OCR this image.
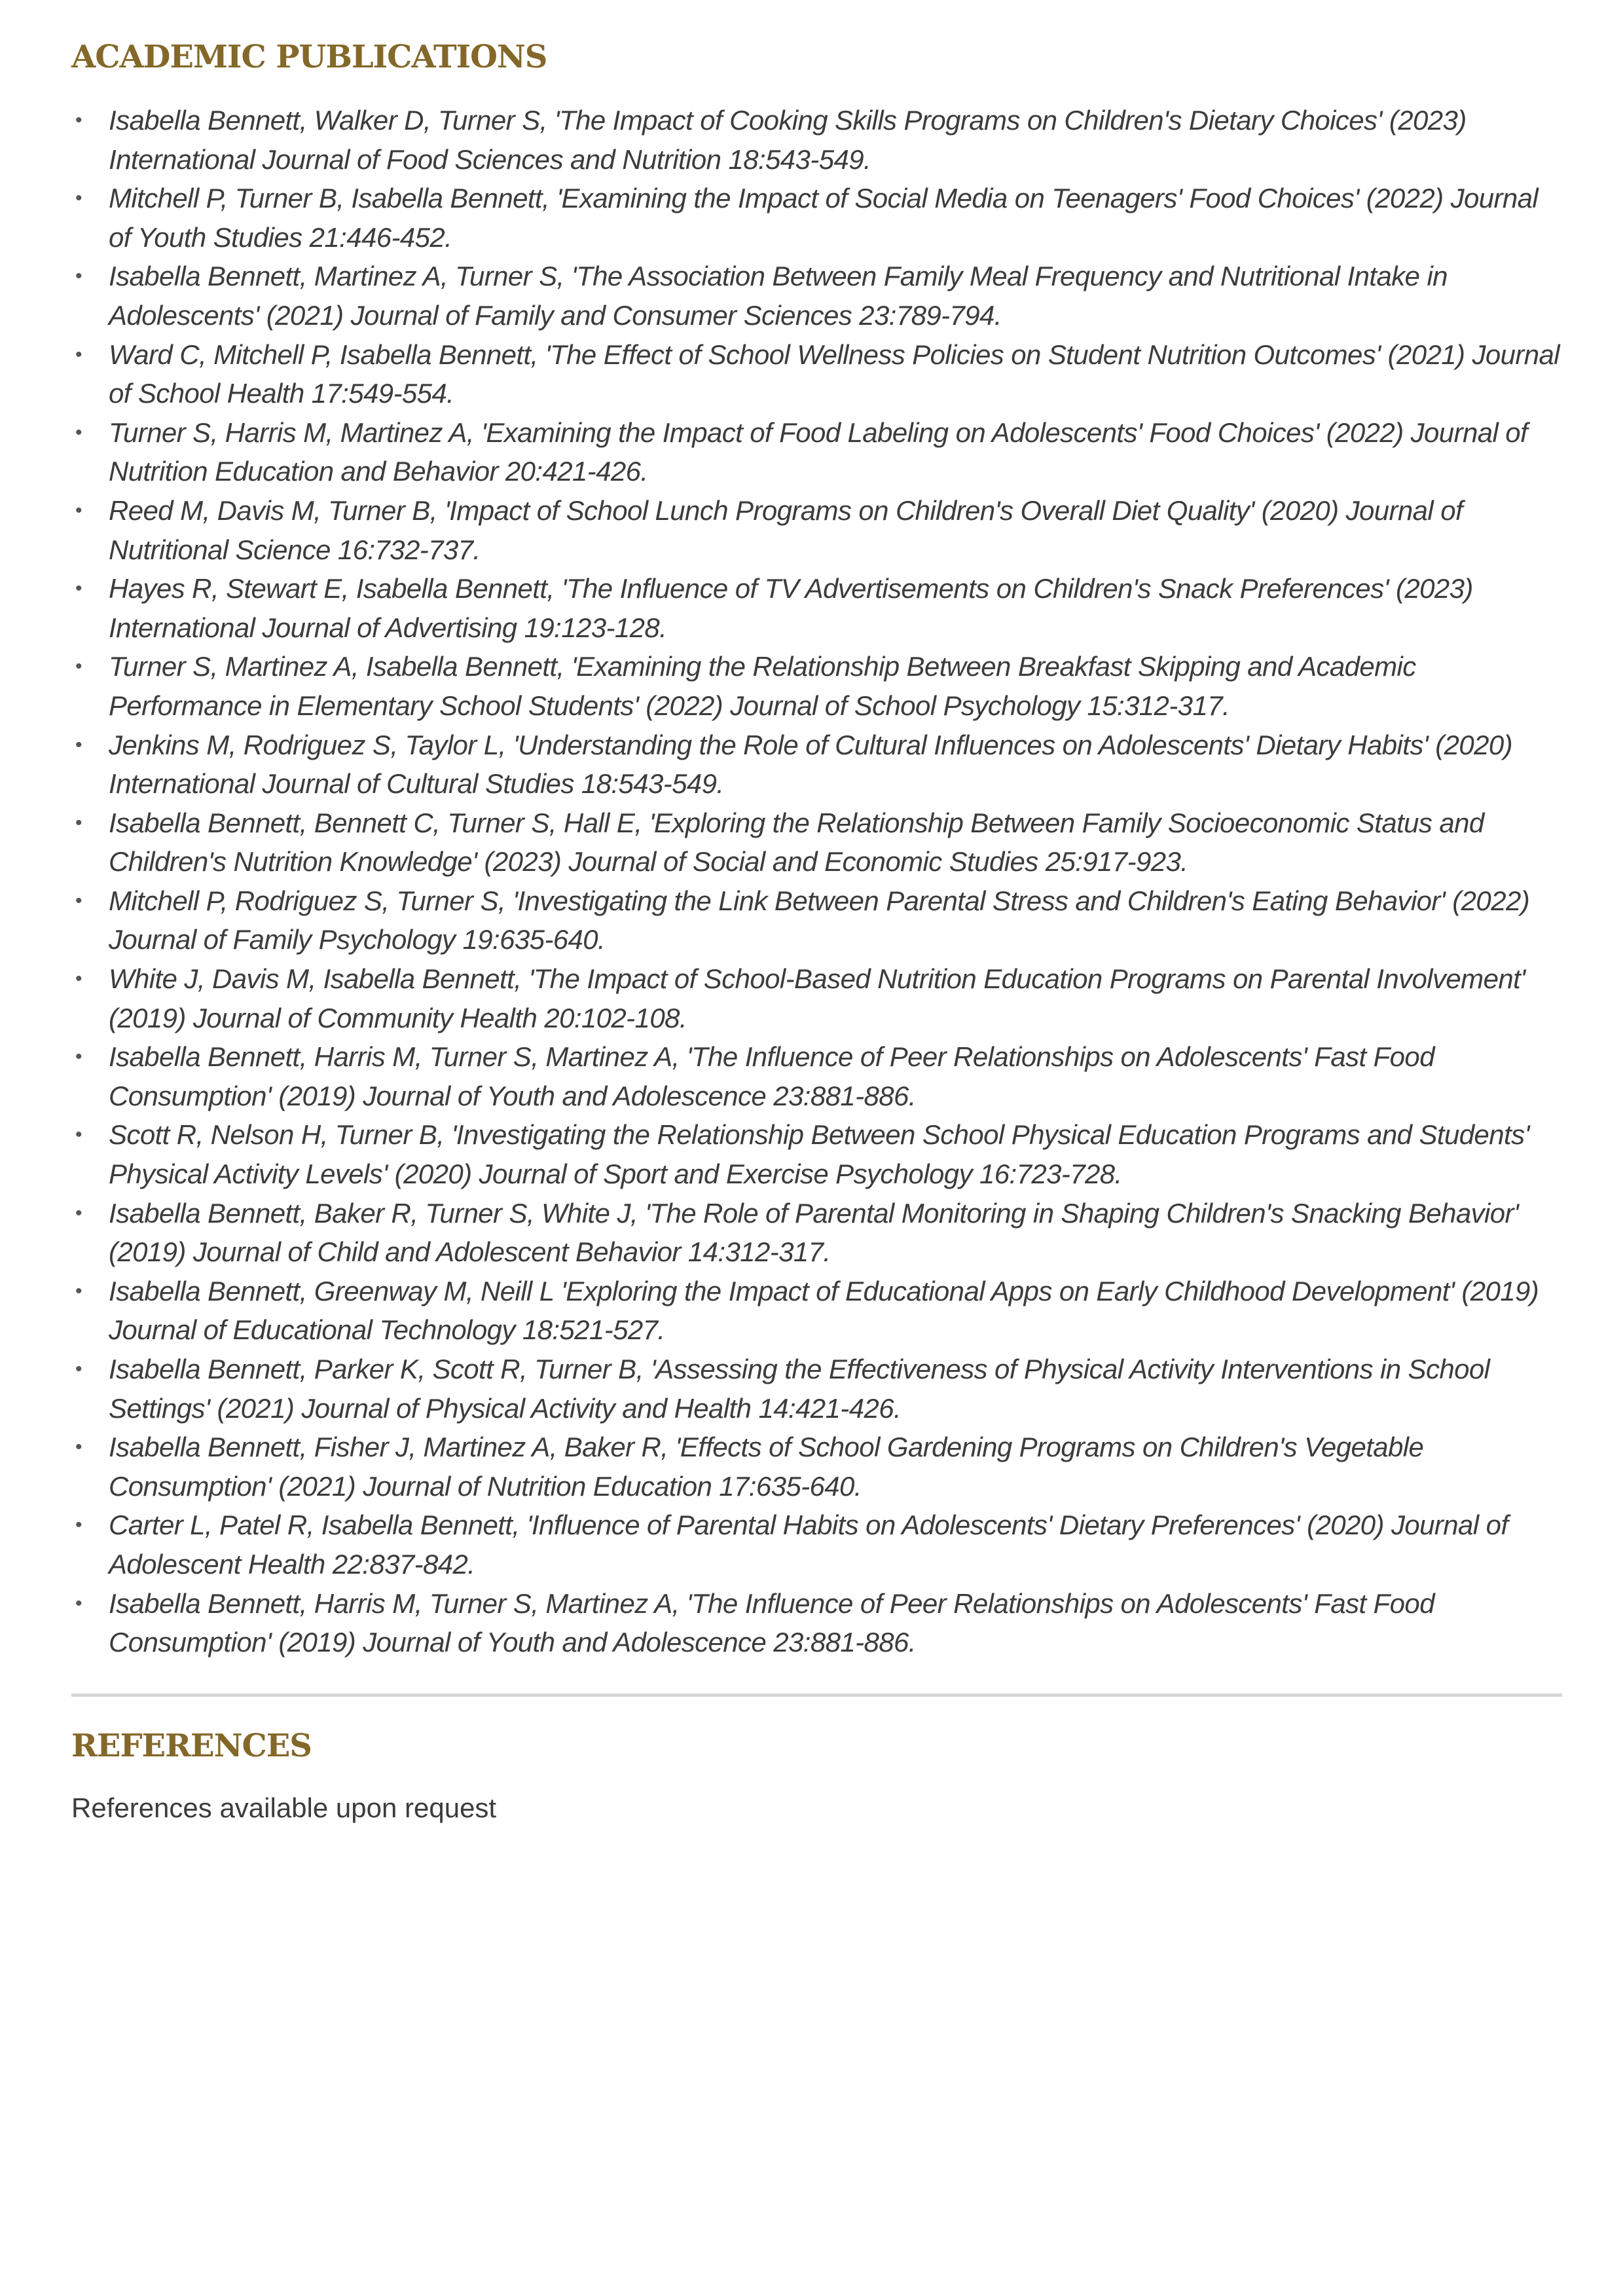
ACADEMIC PUBLICATIONS
• Isabella Bennett, Walker D, Turner S, 'The Impact of Cooking Skills Programs on Children's Dietary Choices' (2023) International Journal of Food Sciences and Nutrition 18:543-549.
• Mitchell P, Turner B, Isabella Bennett, 'Examining the Impact of Social Media on Teenagers' Food Choices' (2022) Journal of Youth Studies 21:446-452.
• Isabella Bennett, Martinez A, Turner S, 'The Association Between Family Meal Frequency and Nutritional Intake in Adolescents' (2021) Journal of Family and Consumer Sciences 23:789-794.
• Ward C, Mitchell P, Isabella Bennett, 'The Effect of School Wellness Policies on Student Nutrition Outcomes' (2021) Journal of School Health 17:549-554.
• Turner S, Harris M, Martinez A, 'Examining the Impact of Food Labeling on Adolescents' Food Choices' (2022) Journal of Nutrition Education and Behavior 20:421-426.
• Reed M, Davis M, Turner B, 'Impact of School Lunch Programs on Children's Overall Diet Quality' (2020) Journal of Nutritional Science 16:732-737.
• Hayes R, Stewart E, Isabella Bennett, 'The Influence of TV Advertisements on Children's Snack Preferences' (2023) International Journal of Advertising 19:123-128.
• Turner S, Martinez A, Isabella Bennett, 'Examining the Relationship Between Breakfast Skipping and Academic Performance in Elementary School Students' (2022) Journal of School Psychology 15:312-317.
• Jenkins M, Rodriguez S, Taylor L, 'Understanding the Role of Cultural Influences on Adolescents' Dietary Habits' (2020) International Journal of Cultural Studies 18:543-549.
• Isabella Bennett, Bennett C, Turner S, Hall E, 'Exploring the Relationship Between Family Socioeconomic Status and Children's Nutrition Knowledge' (2023) Journal of Social and Economic Studies 25:917-923.
• Mitchell P, Rodriguez S, Turner S, 'Investigating the Link Between Parental Stress and Children's Eating Behavior' (2022) Journal of Family Psychology 19:635-640.
• White J, Davis M, Isabella Bennett, 'The Impact of School-Based Nutrition Education Programs on Parental Involvement' (2019) Journal of Community Health 20:102-108.
• Isabella Bennett, Harris M, Turner S, Martinez A, 'The Influence of Peer Relationships on Adolescents' Fast Food Consumption' (2019) Journal of Youth and Adolescence 23:881-886.
• Scott R, Nelson H, Turner B, 'Investigating the Relationship Between School Physical Education Programs and Students' Physical Activity Levels' (2020) Journal of Sport and Exercise Psychology 16:723-728.
• Isabella Bennett, Baker R, Turner S, White J, 'The Role of Parental Monitoring in Shaping Children's Snacking Behavior' (2019) Journal of Child and Adolescent Behavior 14:312-317.
• Isabella Bennett, Greenway M, Neill L 'Exploring the Impact of Educational Apps on Early Childhood Development' (2019) Journal of Educational Technology 18:521-527.
• Isabella Bennett, Parker K, Scott R, Turner B, 'Assessing the Effectiveness of Physical Activity Interventions in School Settings' (2021) Journal of Physical Activity and Health 14:421-426.
• Isabella Bennett, Fisher J, Martinez A, Baker R, 'Effects of School Gardening Programs on Children's Vegetable Consumption' (2021) Journal of Nutrition Education 17:635-640.
• Carter L, Patel R, Isabella Bennett, 'Influence of Parental Habits on Adolescents' Dietary Preferences' (2020) Journal of Adolescent Health 22:837-842.
• Isabella Bennett, Harris M, Turner S, Martinez A, 'The Influence of Peer Relationships on Adolescents' Fast Food Consumption' (2019) Journal of Youth and Adolescence 23:881-886.
REFERENCES

References available upon request
